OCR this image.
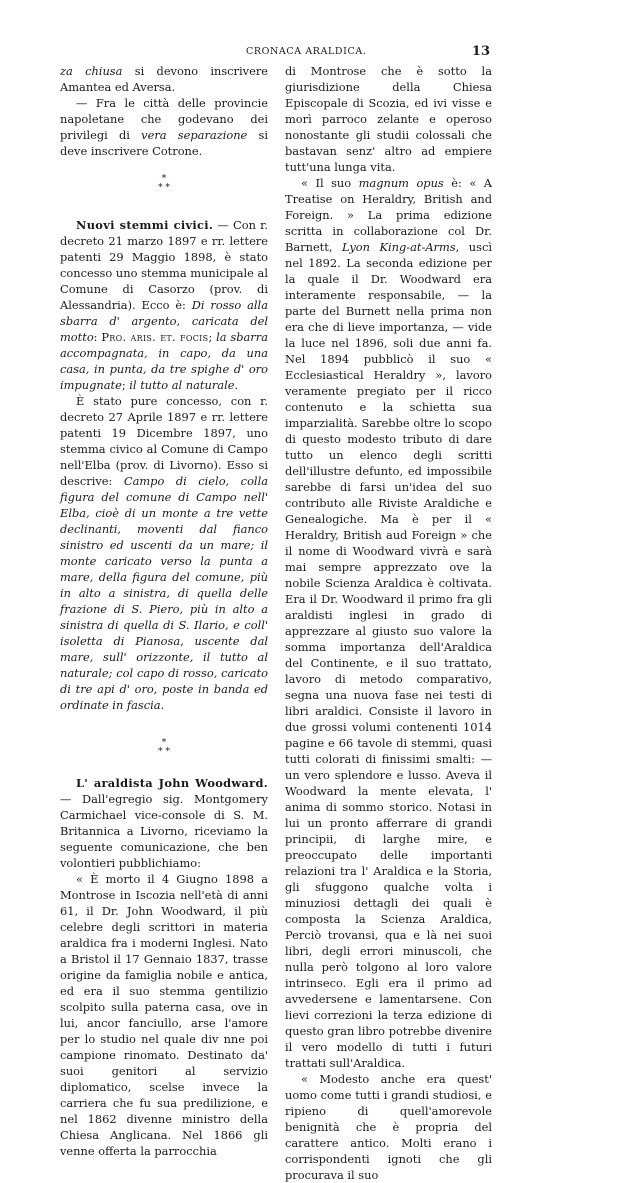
CRONACA ARALDICA.	13

za chiusa si devono inscrivere Amantea ed Aversa.

— Fra le città delle provincie napoletane che godevano dei privilegi di vera separazione si deve inscrivere Cotrone.

*
* *

Nuovi stemmi civici. — Con r. decreto 21 marzo 1897 e rr. lettere patenti 29 Maggio 1898, è stato concesso uno stemma municipale al Comune di Casorzo (prov. di Alessandria). Ecco è: Di rosso alla sbarra d' argento, caricata del motto: Pro. aris. et. focis; la sbarra accompagnata, in capo, da una casa, in punta, da tre spighe d' oro impugnate; il tutto al naturale.

È stato pure concesso, con r. decreto 27 Aprile 1897 e rr. lettere patenti 19 Dicembre 1897, uno stemma civico al Comune di Campo nell'Elba (prov. di Livorno). Esso si descrive: Campo di cielo, colla figura del comune di Campo nell' Elba, cioè di un monte a tre vette declinanti, moventi dal fianco sinistro ed uscenti da un mare; il monte caricato verso la punta a mare, della figura del comune, più in alto a sinistra, di quella delle frazione di S. Piero, più in alto a sinistra di quella di S. Ilario, e coll' isoletta di Pianosa, uscente dal mare, sull' orizzonte, il tutto al naturale; col capo di rosso, caricato di tre api d' oro, poste in banda ed ordinate in fascia.

*
* *

L' araldista John Woodward. — Dall'egregio sig. Montgomery Carmichael vice-console di S. M. Britannica a Livorno, riceviamo la seguente comunicazione, che ben volontieri pubblichiamo:

« È morto il 4 Giugno 1898 a Montrose in Iscozia nell'età di anni 61, il Dr. John Woodward, il più celebre degli scrittori in materia araldica fra i moderni Inglesi. Nato a Bristol il 17 Gennaio 1837, trasse origine da famiglia nobile e antica, ed era il suo stemma gentilizio scolpito sulla paterna casa, ove in lui, ancor fanciullo, arse l'amore per lo studio nel quale div nne poi campione rinomato. Destinato da' suoi genitori al servizio diplomatico, scelse invece la carriera che fu sua predilizione, e nel 1862 divenne ministro della Chiesa Anglicana. Nel 1866 gli venne offerta la parrocchia

di Montrose che è sotto la giurisdizione della Chiesa Episcopale di Scozia, ed ivi visse e morì parroco zelante e operoso nonostante gli studii colossali che bastavan senz' altro ad empiere tutt'una lunga vita.

« Il suo magnum opus è: « A Treatise on Heraldry, British and Foreign. » La prima edizione scritta in collaborazione col Dr. Barnett, Lyon King-at-Arms, uscì nel 1892. La seconda edizione per la quale il Dr. Woodward era interamente responsabile, — la parte del Burnett nella prima non era che di lieve importanza, — vide la luce nel 1896, soli due anni fa. Nel 1894 pubblicò il suo « Ecclesiastical Heraldry », lavoro veramente pregiato per il ricco contenuto e la schietta sua imparzialità. Sarebbe oltre lo scopo di questo modesto tributo di dare tutto un elenco degli scritti dell'illustre defunto, ed impossibile sarebbe di farsi un'idea del suo contributo alle Riviste Araldiche e Genealogiche. Ma è per il « Heraldry, British aud Foreign » che il nome di Woodward vivrà e sarà mai sempre apprezzato ove la nobile Scienza Araldica è coltivata. Era il Dr. Woodward il primo fra gli araldisti inglesi in grado di apprezzare al giusto suo valore la somma importanza dell'Araldica del Continente, e il suo trattato, lavoro di metodo comparativo, segna una nuova fase nei testi di libri araldici. Consiste il lavoro in due grossi volumi contenenti 1014 pagine e 66 tavole di stemmi, quasi tutti colorati di finissimi smalti: — un vero splendore e lusso. Aveva il Woodward la mente elevata, l' anima di sommo storico. Notasi in lui un pronto afferrare di grandi principii, di larghe mire, e preoccupato delle importanti relazioni tra l' Araldica e la Storia, gli sfuggono qualche volta i minuziosi dettagli dei quali è composta la Scienza Araldica, Perciò trovansi, qua e là nei suoi libri, degli errori minuscoli, che nulla però tolgono al loro valore intrinseco. Egli era il primo ad avvedersene e lamentarsene. Con lievi correzioni la terza edizione di questo gran libro potrebbe divenire il vero modello di tutti i futuri trattati sull'Araldica.

« Modesto anche era quest' uomo come tutti i grandi studiosi, e ripieno di quell'amorevole benignità che è propria del carattere antico. Molti erano i corrispondenti ignoti che gli procurava il suo
